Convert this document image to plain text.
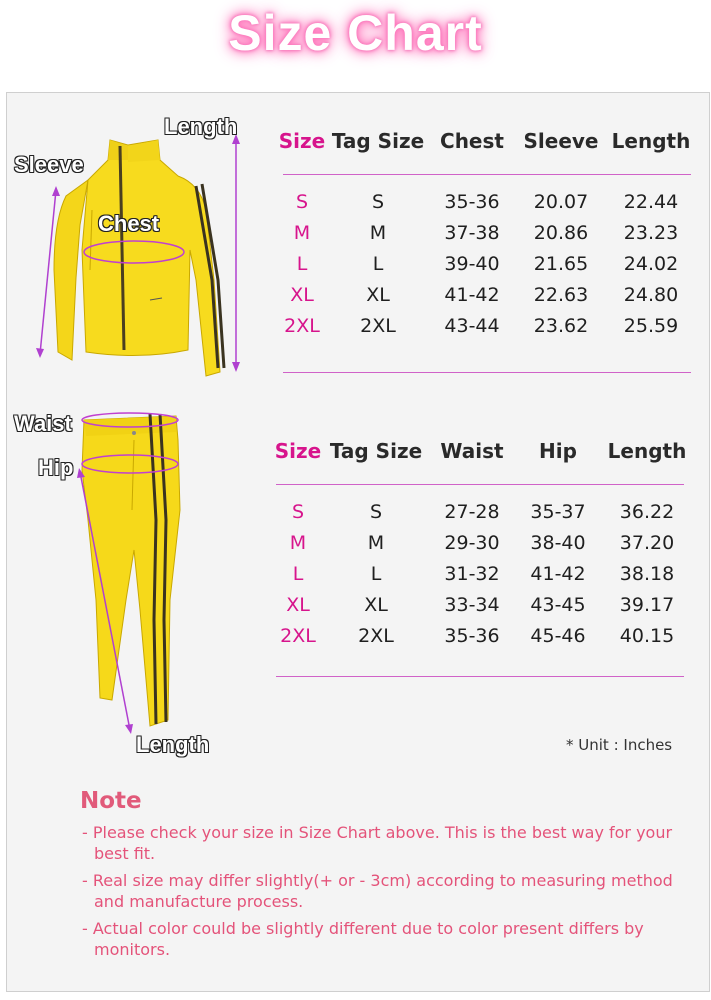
Size Chart
Length
Sleeve
Chest
Waist
Hip
Length
Size	Tag Size	Chest	Sleeve	Length

S	S	35-36	20.07	22.44
M	M	37-38	20.86	23.23
L	L	39-40	21.65	24.02
XL	XL	41-42	22.63	24.80
2XL	2XL	43-44	23.62	25.59
Size	Tag Size	Waist	Hip	Length

S	S	27-28	35-37	36.22
M	M	29-30	38-40	37.20
L	L	31-32	41-42	38.18
XL	XL	33-34	43-45	39.17
2XL	2XL	35-36	45-46	40.15
* Unit : Inches
Note
- Please check your size in Size Chart above. This is the best way for your best fit.
- Real size may differ slightly(+ or - 3cm) according to measuring method and manufacture process.
- Actual color could be slightly different due to color present differs by monitors.
